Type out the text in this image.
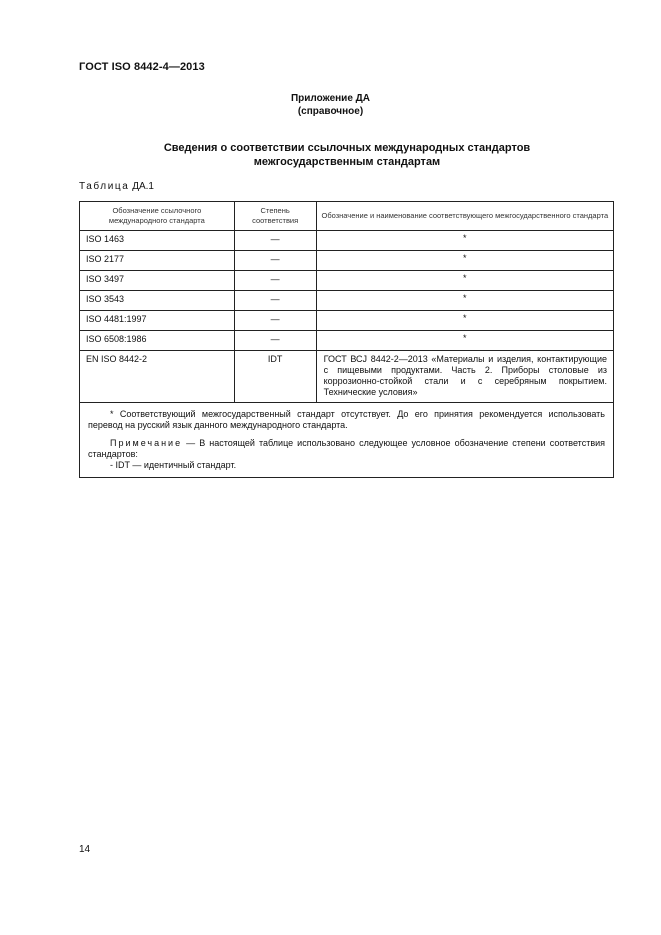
ГОСТ ISO 8442-4—2013
Приложение ДА
(справочное)
Сведения о соответствии ссылочных международных стандартов
межгосударственным стандартам
Таблица ДА.1
Обозначение ссылочного международного стандарта	Степень соответствия	Обозначение и наименование соответствующего межгосударственного стандарта
ISO 1463	—	*
ISO 2177	—	*
ISO 3497	—	*
ISO 3543	—	*
ISO 4481:1997	—	*
ISO 6508:1986	—	*
EN ISO 8442-2	IDT	ГОСТ ВСJ 8442-2—2013 «Материалы и изделия, контактирующие с пищевыми продуктами. Часть 2. Приборы столовые из коррозионно-стойкой стали и с серебряным покрытием. Технические условия»

* Соответствующий межгосударственный стандарт отсутствует. До его принятия рекомендуется использовать перевод на русский язык данного международного стандарта.

Примечание — В настоящей таблице использовано следующее условное обозначение степени соответствия стандартов:

- IDT — идентичный стандарт.		

14
